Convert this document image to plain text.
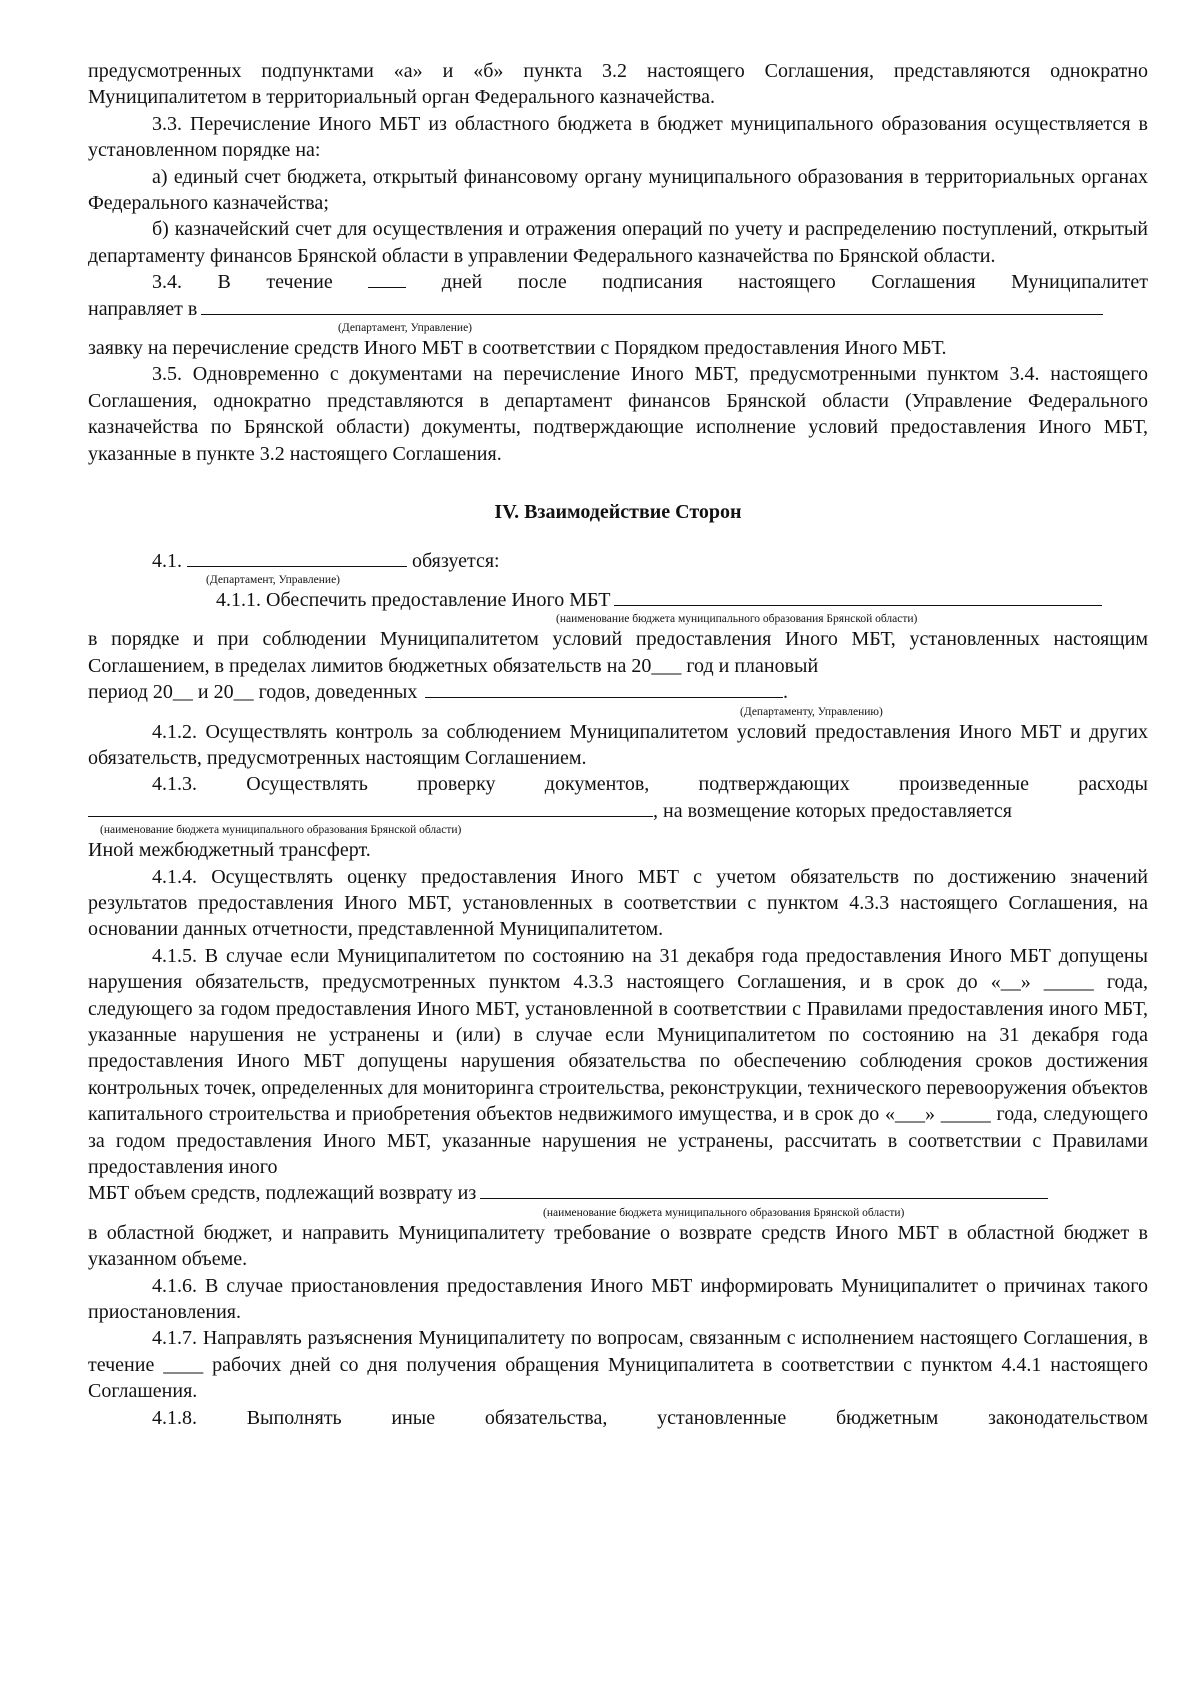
предусмотренных подпунктами «а» и «б» пункта 3.2 настоящего Соглашения, представляются однократно Муниципалитетом в территориальный орган Федерального казначейства.

3.3. Перечисление Иного МБТ из областного бюджета в бюджет муниципального образования осуществляется в установленном порядке на:

а) единый счет бюджета, открытый финансовому органу муниципального образования в территориальных органах Федерального казначейства;

б) казначейский счет для осуществления и отражения операций по учету и распределению поступлений, открытый департаменту финансов Брянской области в управлении Федерального казначейства по Брянской области.

3.4. В течение	дней после подписания настоящего Соглашения Муниципалитет

направляет в

(Департамент, Управление)

заявку на перечисление средств Иного МБТ в соответствии с Порядком предоставления Иного МБТ.

3.5. Одновременно с документами на перечисление Иного МБТ, предусмотренными пунктом 3.4. настоящего Соглашения, однократно представляются в департамент финансов Брянской области (Управление Федерального казначейства по Брянской области) документы, подтверждающие исполнение условий предоставления Иного МБТ, указанные в пункте 3.2 настоящего Соглашения.

IV. Взаимодействие Сторон

4.1.	обязуется:

(Департамент, Управление)

4.1.1. Обеспечить предоставление Иного МБТ

(наименование бюджета муниципального образования Брянской области)

в порядке и при соблюдении Муниципалитетом условий предоставления Иного МБТ, установленных настоящим Соглашением, в пределах лимитов бюджетных обязательств на 20___ год и плановый

период 20__ и 20__ годов, доведенных	.

(Департаменту, Управлению)

4.1.2. Осуществлять контроль за соблюдением Муниципалитетом условий предоставления Иного МБТ и других обязательств, предусмотренных настоящим Соглашением.

4.1.3. Осуществлять проверку документов, подтверждающих произведенные расходы

, на возмещение которых предоставляется

(наименование бюджета муниципального образования Брянской области)

Иной межбюджетный трансферт.

4.1.4. Осуществлять оценку предоставления Иного МБТ с учетом обязательств по достижению значений результатов предоставления Иного МБТ, установленных в соответствии с пунктом 4.3.3 настоящего Соглашения, на основании данных отчетности, представленной Муниципалитетом.

4.1.5. В случае если Муниципалитетом по состоянию на 31 декабря года предоставления Иного МБТ допущены нарушения обязательств, предусмотренных пунктом 4.3.3 настоящего Соглашения, и в срок до «__» _____ года, следующего за годом предоставления Иного МБТ, установленной в соответствии с Правилами предоставления иного МБТ, указанные нарушения не устранены и (или) в случае если Муниципалитетом по состоянию на 31 декабря года предоставления Иного МБТ допущены нарушения обязательства по обеспечению соблюдения сроков достижения контрольных точек, определенных для мониторинга строительства, реконструкции, технического перевооружения объектов капитального строительства и приобретения объектов недвижимого имущества, и в срок до «___» _____ года, следующего за годом предоставления Иного МБТ, указанные нарушения не устранены, рассчитать в соответствии с Правилами предоставления иного

МБТ объем средств, подлежащий возврату из

(наименование бюджета муниципального образования Брянской области)

в областной бюджет, и направить Муниципалитету требование о возврате средств Иного МБТ в областной бюджет в указанном объеме.

4.1.6. В случае приостановления предоставления Иного МБТ информировать Муниципалитет о причинах такого приостановления.

4.1.7. Направлять разъяснения Муниципалитету по вопросам, связанным с исполнением настоящего Соглашения, в течение ____ рабочих дней со дня получения обращения Муниципалитета в соответствии с пунктом 4.4.1 настоящего Соглашения.

4.1.8. Выполнять иные обязательства, установленные бюджетным законодательством
